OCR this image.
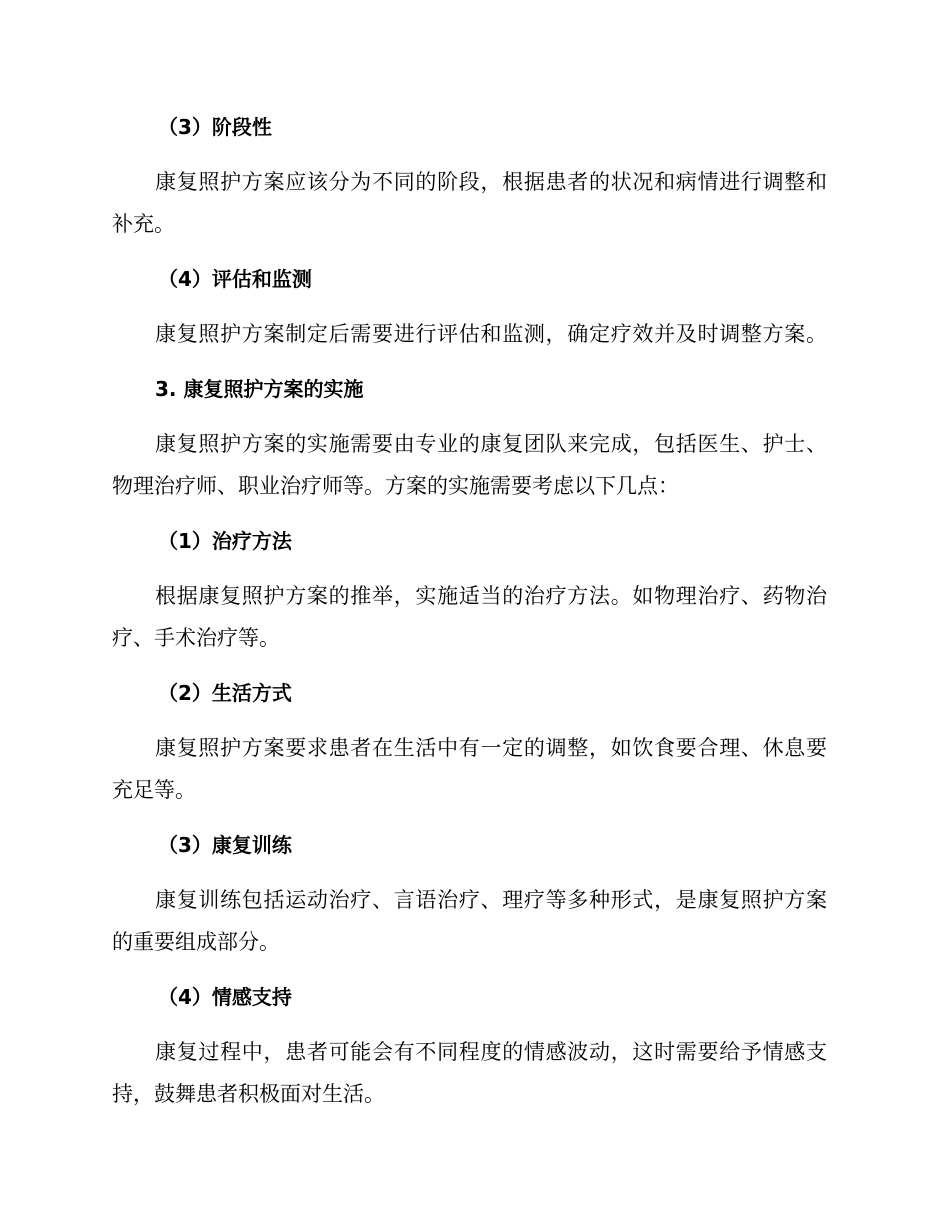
（3）阶段性
康复照护方案应该分为不同的阶段，根据患者的状况和病情进行调整和
补充。
（4）评估和监测
康复照护方案制定后需要进行评估和监测，确定疗效并及时调整方案。
3. 康复照护方案的实施
康复照护方案的实施需要由专业的康复团队来完成，包括医生、护士、
物理治疗师、职业治疗师等。方案的实施需要考虑以下几点：
（1）治疗方法
根据康复照护方案的推举，实施适当的治疗方法。如物理治疗、药物治
疗、手术治疗等。
（2）生活方式
康复照护方案要求患者在生活中有一定的调整，如饮食要合理、休息要
充足等。
（3）康复训练
康复训练包括运动治疗、言语治疗、理疗等多种形式，是康复照护方案
的重要组成部分。
（4）情感支持
康复过程中，患者可能会有不同程度的情感波动，这时需要给予情感支
持，鼓舞患者积极面对生活。
